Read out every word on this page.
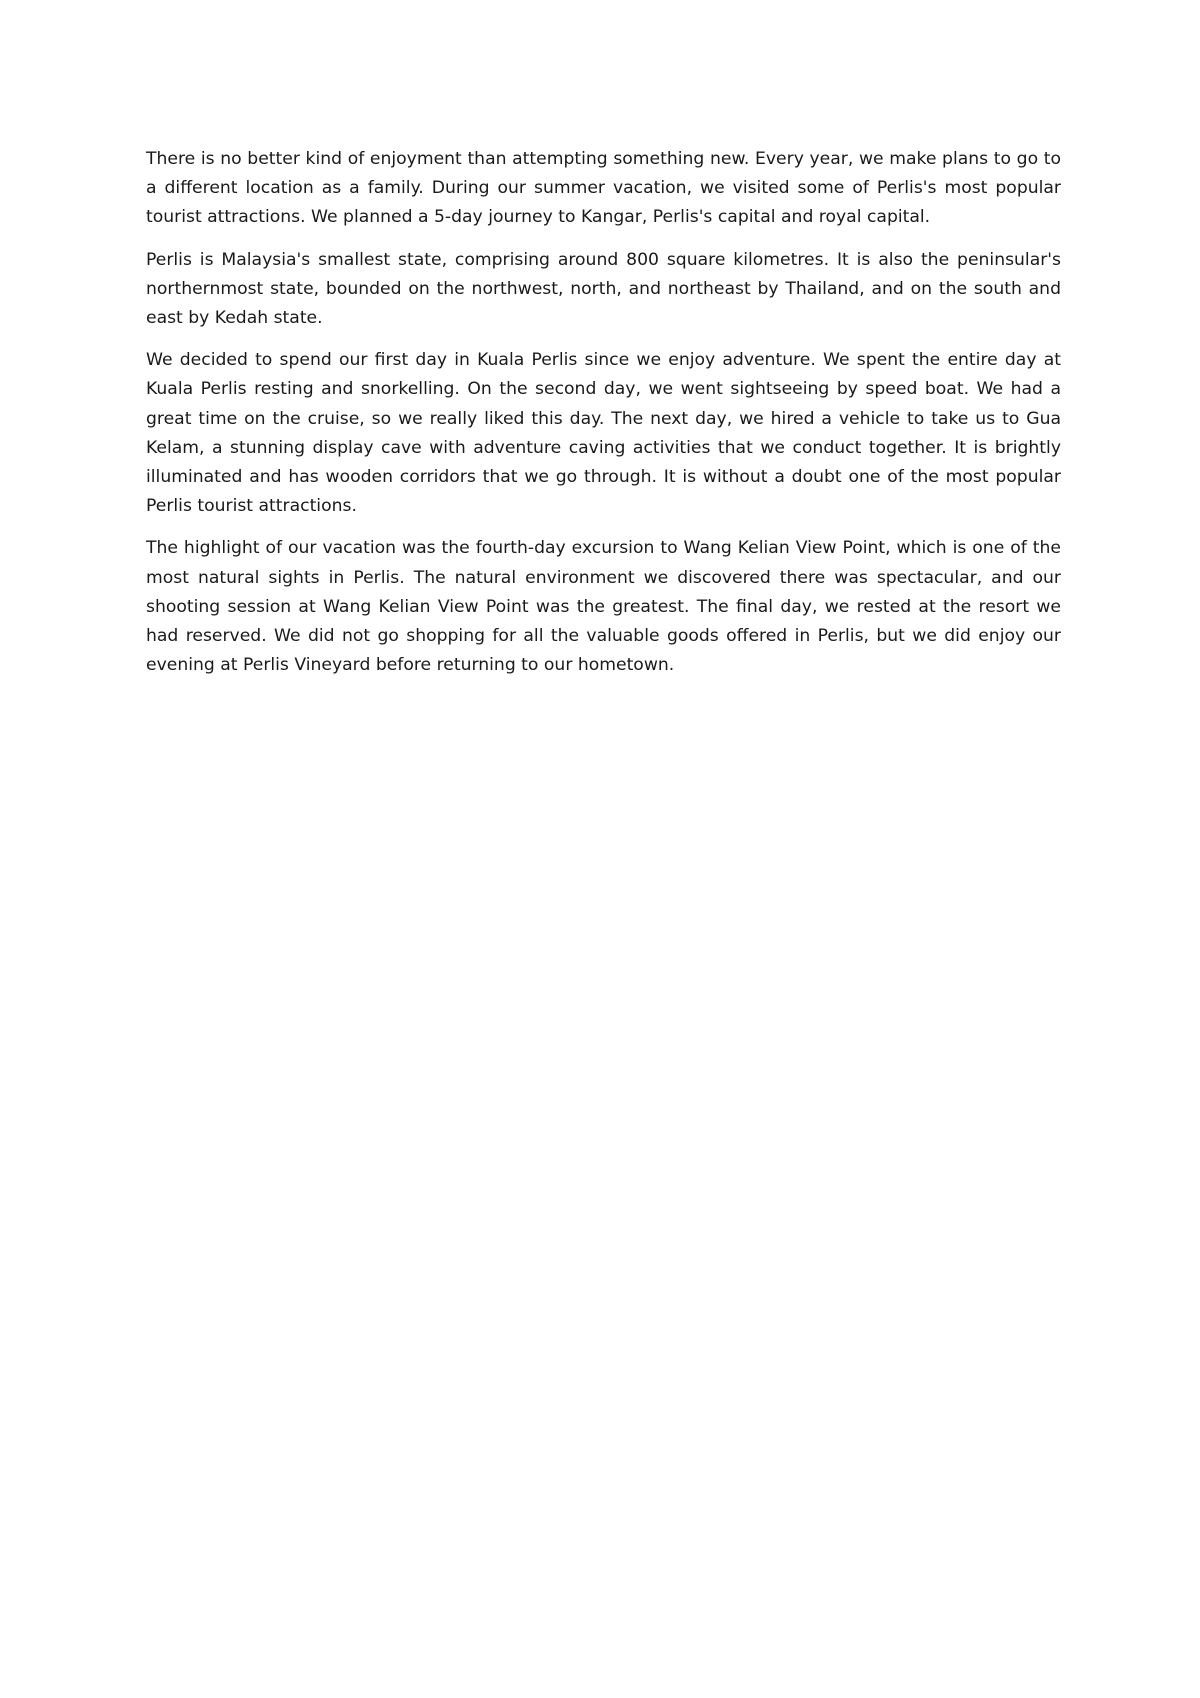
There is no better kind of enjoyment than attempting something new. Every year, we make plans to go to a different location as a family. During our summer vacation, we visited some of Perlis's most popular tourist attractions. We planned a 5-day journey to Kangar, Perlis's capital and royal capital.

Perlis is Malaysia's smallest state, comprising around 800 square kilometres. It is also the peninsular's northernmost state, bounded on the northwest, north, and northeast by Thailand, and on the south and east by Kedah state.

We decided to spend our first day in Kuala Perlis since we enjoy adventure. We spent the entire day at Kuala Perlis resting and snorkelling. On the second day, we went sightseeing by speed boat. We had a great time on the cruise, so we really liked this day. The next day, we hired a vehicle to take us to Gua Kelam, a stunning display cave with adventure caving activities that we conduct together. It is brightly illuminated and has wooden corridors that we go through. It is without a doubt one of the most popular Perlis tourist attractions.

The highlight of our vacation was the fourth-day excursion to Wang Kelian View Point, which is one of the most natural sights in Perlis. The natural environment we discovered there was spectacular, and our shooting session at Wang Kelian View Point was the greatest. The final day, we rested at the resort we had reserved. We did not go shopping for all the valuable goods offered in Perlis, but we did enjoy our evening at Perlis Vineyard before returning to our hometown.
